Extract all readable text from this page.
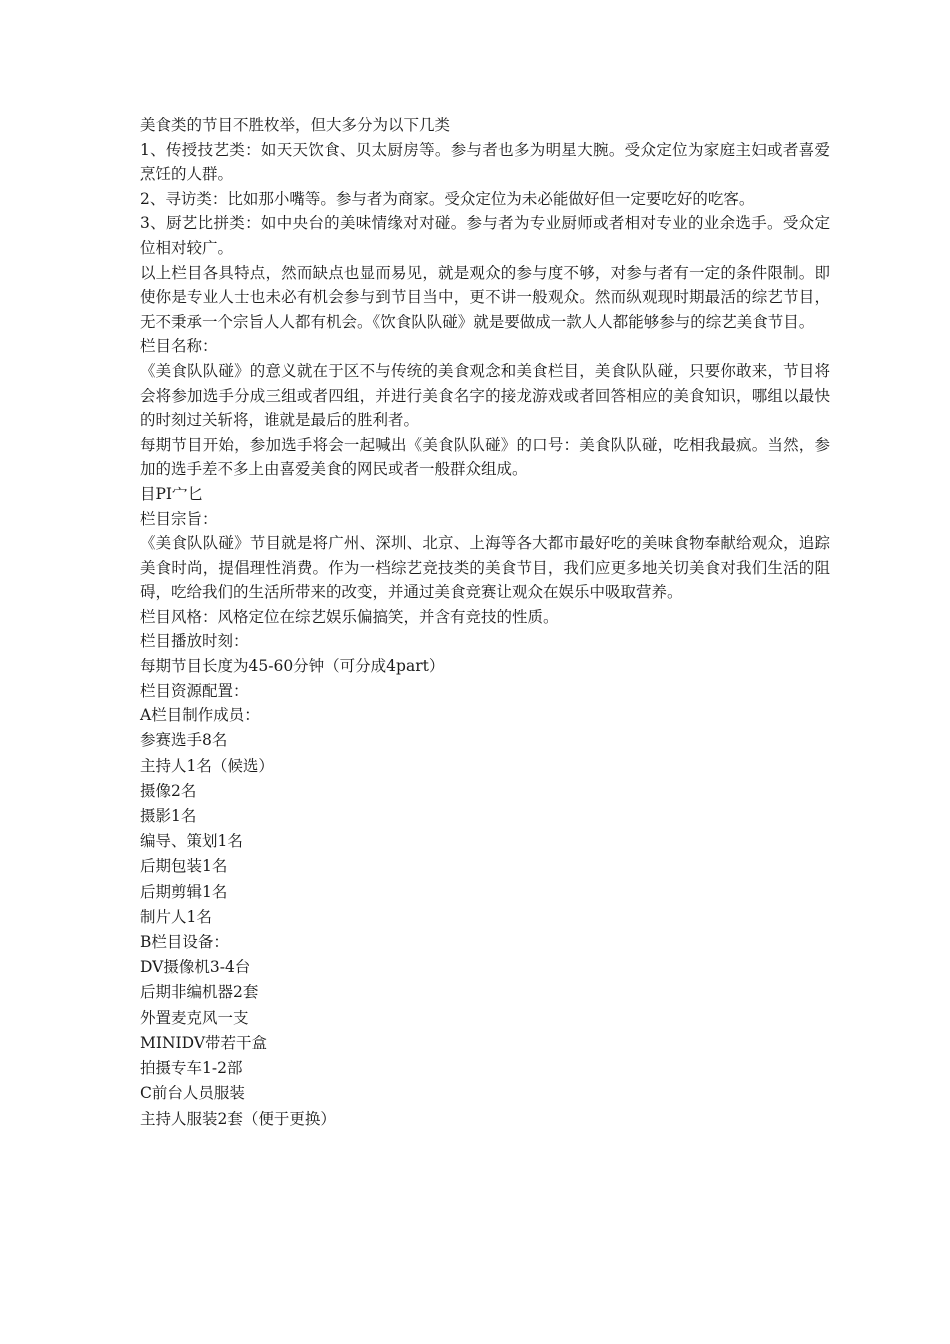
美食类的节目不胜枚举，但大多分为以下几类

1、传授技艺类：如天天饮食、贝太厨房等。参与者也多为明星大腕。受众定位为家庭主妇或者喜爱烹饪的人群。

2、寻访类：比如那小嘴等。参与者为商家。受众定位为未必能做好但一定要吃好的吃客。

3、厨艺比拼类：如中央台的美味情缘对对碰。参与者为专业厨师或者相对专业的业余选手。受众定位相对较广。

以上栏目各具特点，然而缺点也显而易见，就是观众的参与度不够，对参与者有一定的条件限制。即使你是专业人士也未必有机会参与到节目当中，更不讲一般观众。然而纵观现时期最活的综艺节目，无不秉承一个宗旨人人都有机会。《饮食队队碰》就是要做成一款人人都能够参与的综艺美食节目。

栏目名称：

《美食队队碰》的意义就在于区不与传统的美食观念和美食栏目，美食队队碰，只要你敢来，节目将会将参加选手分成三组或者四组，并进行美食名字的接龙游戏或者回答相应的美食知识，哪组以最快的时刻过关斩将，谁就是最后的胜利者。

每期节目开始，参加选手将会一起喊出《美食队队碰》的口号：美食队队碰，吃相我最疯。当然，参加的选手差不多上由喜爱美食的网民或者一般群众组成。

目PI宀匕

栏目宗旨：

《美食队队碰》节目就是将广州、深圳、北京、上海等各大都市最好吃的美味食物奉献给观众，追踪美食时尚，提倡理性消费。作为一档综艺竞技类的美食节目，我们应更多地关切美食对我们生活的阻碍，吃给我们的生活所带来的改变，并通过美食竞赛让观众在娱乐中吸取营养。

栏目风格：风格定位在综艺娱乐偏搞笑，并含有竞技的性质。

栏目播放时刻：

每期节目长度为45-60分钟（可分成4part）

栏目资源配置：

A栏目制作成员：

参赛选手8名

主持人1名（候选）

摄像2名

摄影1名

编导、策划1名

后期包装1名

后期剪辑1名

制片人1名

B栏目设备：

DV摄像机3-4台

后期非编机器2套

外置麦克风一支

MINIDV带若干盒

拍摄专车1-2部

C前台人员服装

主持人服装2套（便于更换）
